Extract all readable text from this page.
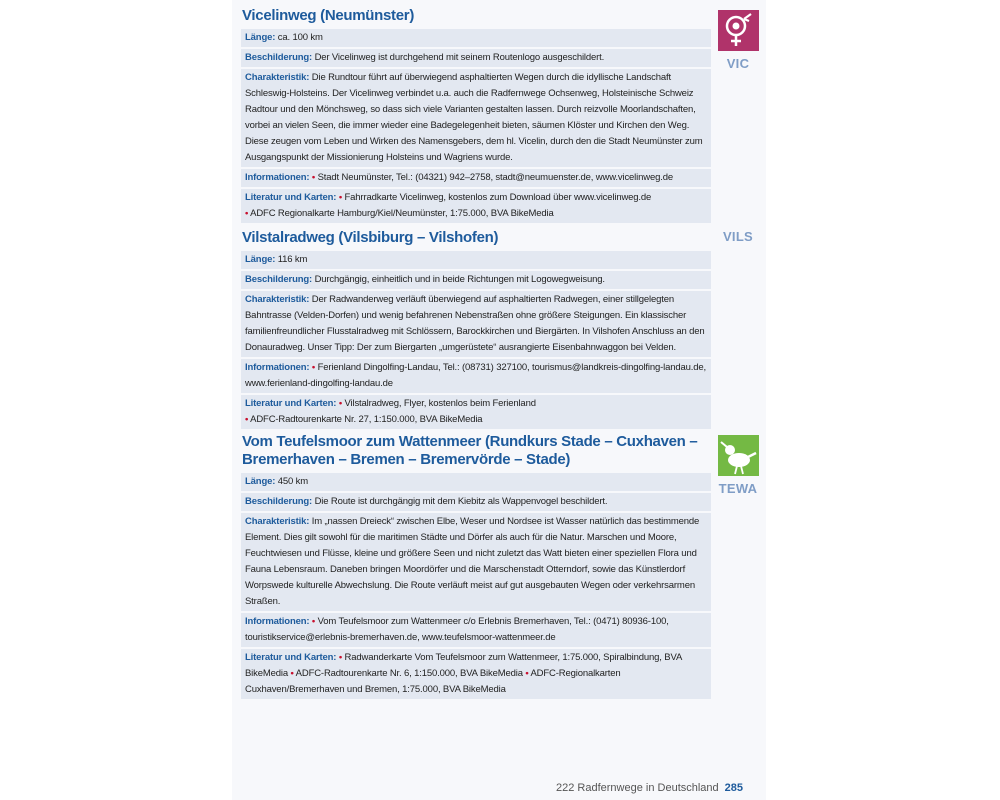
Vicelinweg (Neumünster)
Länge: ca. 100 km
Beschilderung: Der Vicelinweg ist durchgehend mit seinem Routenlogo ausgeschildert.
Charakteristik: Die Rundtour führt auf überwiegend asphaltierten Wegen durch die idyllische Landschaft Schleswig-Holsteins. Der Vicelinweg verbindet u.a. auch die Radfernwege Ochsenweg, Holsteinische Schweiz Radtour und den Mönchsweg, so dass sich viele Varianten gestalten lassen. Durch reizvolle Moorlandschaften, vorbei an vielen Seen, die immer wieder eine Badegelegenheit bieten, säumen Klöster und Kirchen den Weg. Diese zeugen vom Leben und Wirken des Namensgebers, dem hl. Vicelin, durch den die Stadt Neumünster zum Ausgangspunkt der Missionierung Holsteins und Wagriens wurde.
Informationen: • Stadt Neumünster, Tel.: (04321) 942–2758, stadt@neumuenster.de, www.vicelinweg.de
Literatur und Karten: • Fahrradkarte Vicelinweg, kostenlos zum Download über www.vicelinweg.de
• ADFC Regionalkarte Hamburg/Kiel/Neumünster, 1:75.000, BVA BikeMedia
VIC
Vilstalradweg (Vilsbiburg – Vilshofen)
Länge: 116 km
Beschilderung: Durchgängig, einheitlich und in beide Richtungen mit Logowegweisung.
Charakteristik: Der Radwanderweg verläuft überwiegend auf asphaltierten Radwegen, einer stillgelegten Bahntrasse (Velden-Dorfen) und wenig befahrenen Nebenstraßen ohne größere Steigungen. Ein klassischer familienfreundlicher Flusstalradweg mit Schlössern, Barockkirchen und Biergärten. In Vilshofen Anschluss an den Donauradweg. Unser Tipp: Der zum Biergarten „umgerüstete“ ausrangierte Eisenbahnwaggon bei Velden.
Informationen: • Ferienland Dingolfing-Landau, Tel.: (08731) 327100, tourismus@landkreis-dingolfing-landau.de, www.ferienland-dingolfing-landau.de
Literatur und Karten: • Vilstalradweg, Flyer, kostenlos beim Ferienland
• ADFC-Radtourenkarte Nr. 27, 1:150.000, BVA BikeMedia
VILS
Vom Teufelsmoor zum Wattenmeer (Rundkurs Stade – Cuxhaven – Bremerhaven – Bremen – Bremervörde – Stade)
Länge: 450 km
Beschilderung: Die Route ist durchgängig mit dem Kiebitz als Wappenvogel beschildert.
Charakteristik: Im „nassen Dreieck“ zwischen Elbe, Weser und Nordsee ist Wasser natürlich das bestimmende Element. Dies gilt sowohl für die maritimen Städte und Dörfer als auch für die Natur. Marschen und Moore, Feuchtwiesen und Flüsse, kleine und größere Seen und nicht zuletzt das Watt bieten einer speziellen Flora und Fauna Lebensraum. Daneben bringen Moordörfer und die Marschenstadt Otterndorf, sowie das Künstlerdorf Worpswede kulturelle Abwechslung. Die Route verläuft meist auf gut ausgebauten Wegen oder verkehrsarmen Straßen.
Informationen: • Vom Teufelsmoor zum Wattenmeer c/o Erlebnis Bremerhaven, Tel.: (0471) 80936-100, touristikservice@erlebnis-bremerhaven.de, www.teufelsmoor-wattenmeer.de
Literatur und Karten: • Radwanderkarte Vom Teufelsmoor zum Wattenmeer, 1:75.000, Spiralbindung, BVA BikeMedia • ADFC-Radtourenkarte Nr. 6, 1:150.000, BVA BikeMedia • ADFC-Regionalkarten Cuxhaven/Bremerhaven und Bremen, 1:75.000, BVA BikeMedia
TEWA
222 Radfernwege in Deutschland 285
